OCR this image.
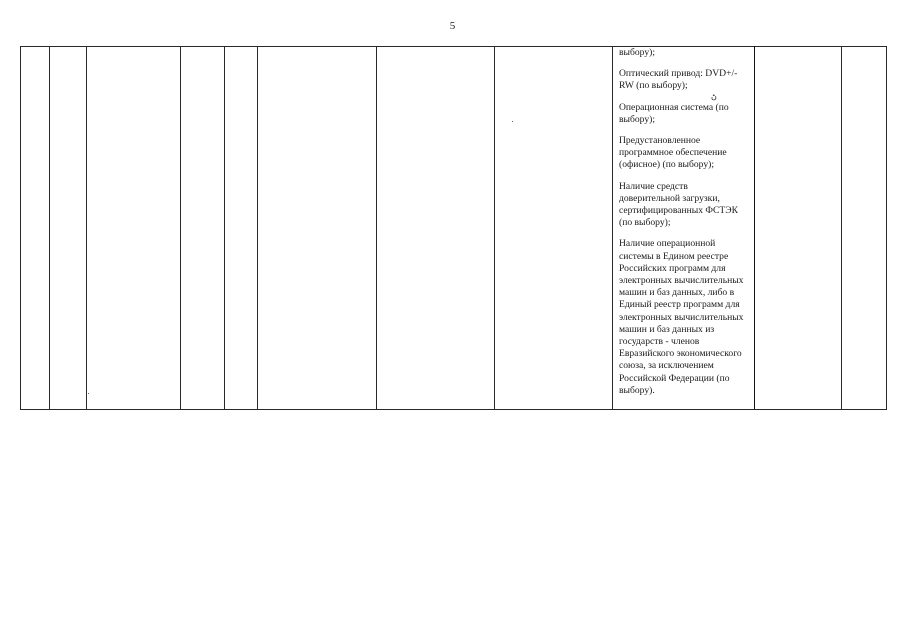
5

выбору);
Оптический привод: DVD+/-
RW (по выбору);
Операционная система (по
выбору);
Предустановленное
программное обеспечение
(офисное) (по выбору);
Наличие средств
доверительной загрузки,
сертифицированных ФСТЭК
(по выбору);
Наличие операционной
системы в Едином реестре
Российских программ для
электронных вычислительных
машин и баз данных, либо в
Единый реестр программ для
электронных вычислительных
машин и баз данных из
государств - членов
Евразийского экономического
союза, за исключением
Российской Федерации (по
выбору).

ڻ
